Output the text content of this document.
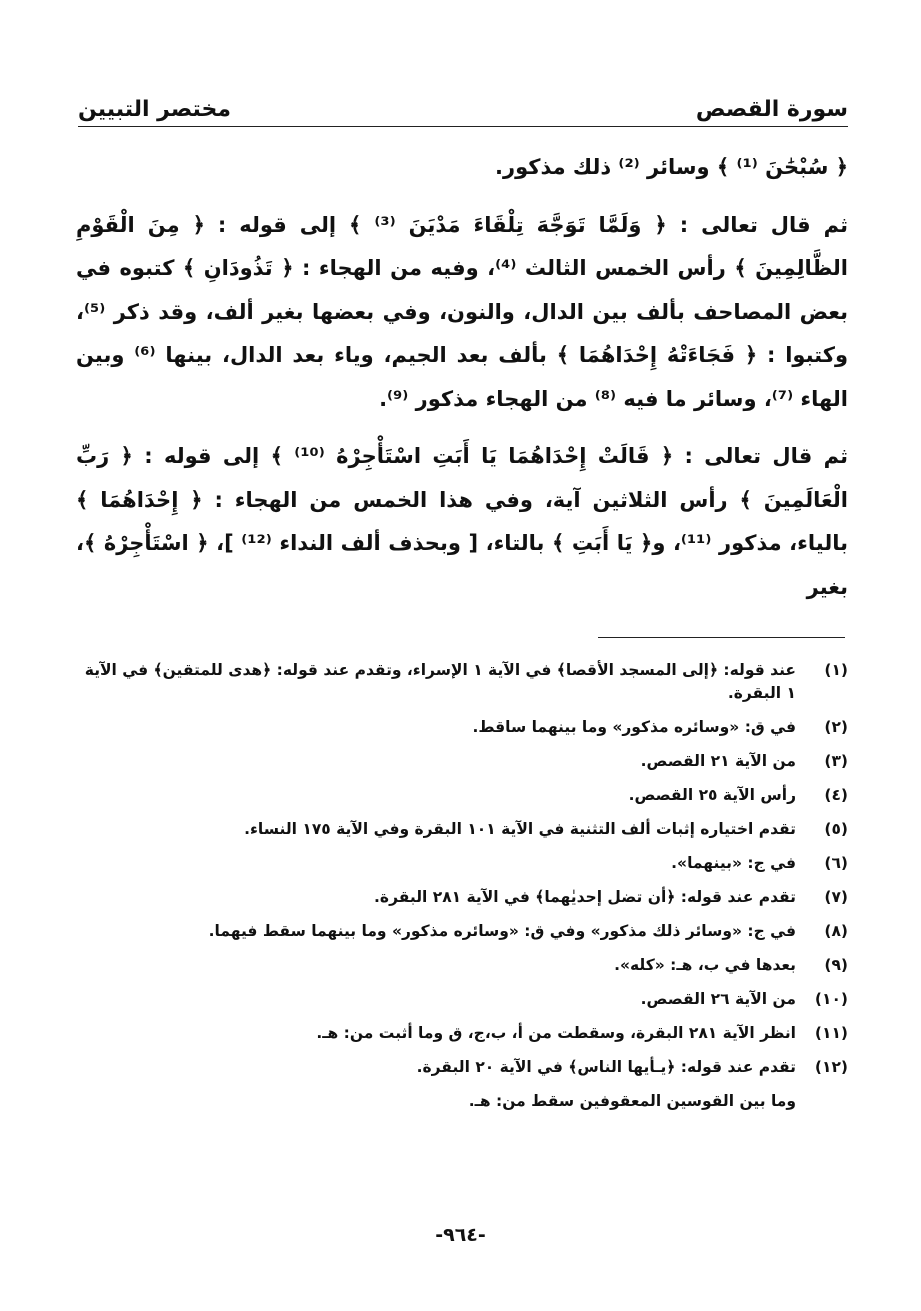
سورة القصص
مختصر التبيين

﴿ سُبْحَٰنَ ⁽¹⁾ ﴾ وسائر ⁽²⁾ ذلك مذكور.

ثم قال تعالى : ﴿ وَلَمَّا تَوَجَّهَ تِلْقَاءَ مَدْيَنَ ⁽³⁾ ﴾ إلى قوله : ﴿ مِنَ الْقَوْمِ الظَّالِمِينَ ﴾ رأس الخمس الثالث ⁽⁴⁾، وفيه من الهجاء : ﴿ تَذُودَانِ ﴾ كتبوه في بعض المصاحف بألف بين الدال، والنون، وفي بعضها بغير ألف، وقد ذكر ⁽⁵⁾، وكتبوا : ﴿ فَجَاءَتْهُ إِحْدَاهُمَا ﴾ بألف بعد الجيم، وياء بعد الدال، بينها ⁽⁶⁾ وبين الهاء ⁽⁷⁾، وسائر ما فيه ⁽⁸⁾ من الهجاء مذكور ⁽⁹⁾.

ثم قال تعالى : ﴿ قَالَتْ إِحْدَاهُمَا يَا أَبَتِ اسْتَأْجِرْهُ ⁽¹⁰⁾ ﴾ إلى قوله : ﴿ رَبِّ الْعَالَمِينَ ﴾ رأس الثلاثين آية، وفي هذا الخمس من الهجاء : ﴿ إِحْدَاهُمَا ﴾ بالياء، مذكور ⁽¹¹⁾، و﴿ يَا أَبَتِ ﴾ بالتاء، [ وبحذف ألف النداء ⁽¹²⁾ ]، ﴿ اسْتَأْجِرْهُ ﴾، بغير

(١)
عند قوله: ﴿إلى المسجد الأقصا﴾ في الآية ١ الإسراء، وتقدم عند قوله: ﴿هدى للمتقين﴾ في الآية ١ البقرة.
(٢)
في ق: «وسائره مذكور» وما بينهما ساقط.
(٣)
من الآية ٢١ القصص.
(٤)
رأس الآية ٢٥ القصص.
(٥)
تقدم اختياره إثبات ألف التثنية في الآية ١٠١ البقرة وفي الآية ١٧٥ النساء.
(٦)
في ج: «بينهما».
(٧)
تقدم عند قوله: ﴿أن تضل إحديٰهما﴾ في الآية ٢٨١ البقرة.
(٨)
في ج: «وسائر ذلك مذكور» وفي ق: «وسائره مذكور» وما بينهما سقط فيهما.
(٩)
بعدها في ب، هـ: «كله».
(١٠)
من الآية ٢٦ القصص.
(١١)
انظر الآية ٢٨١ البقرة، وسقطت من أ، ب،ج، ق وما أثبت من: هـ.
(١٢)
تقدم عند قوله: ﴿يـأيها الناس﴾ في الآية ٢٠ البقرة.
وما بين القوسين المعقوفين سقط من: هـ.
-٩٦٤-
